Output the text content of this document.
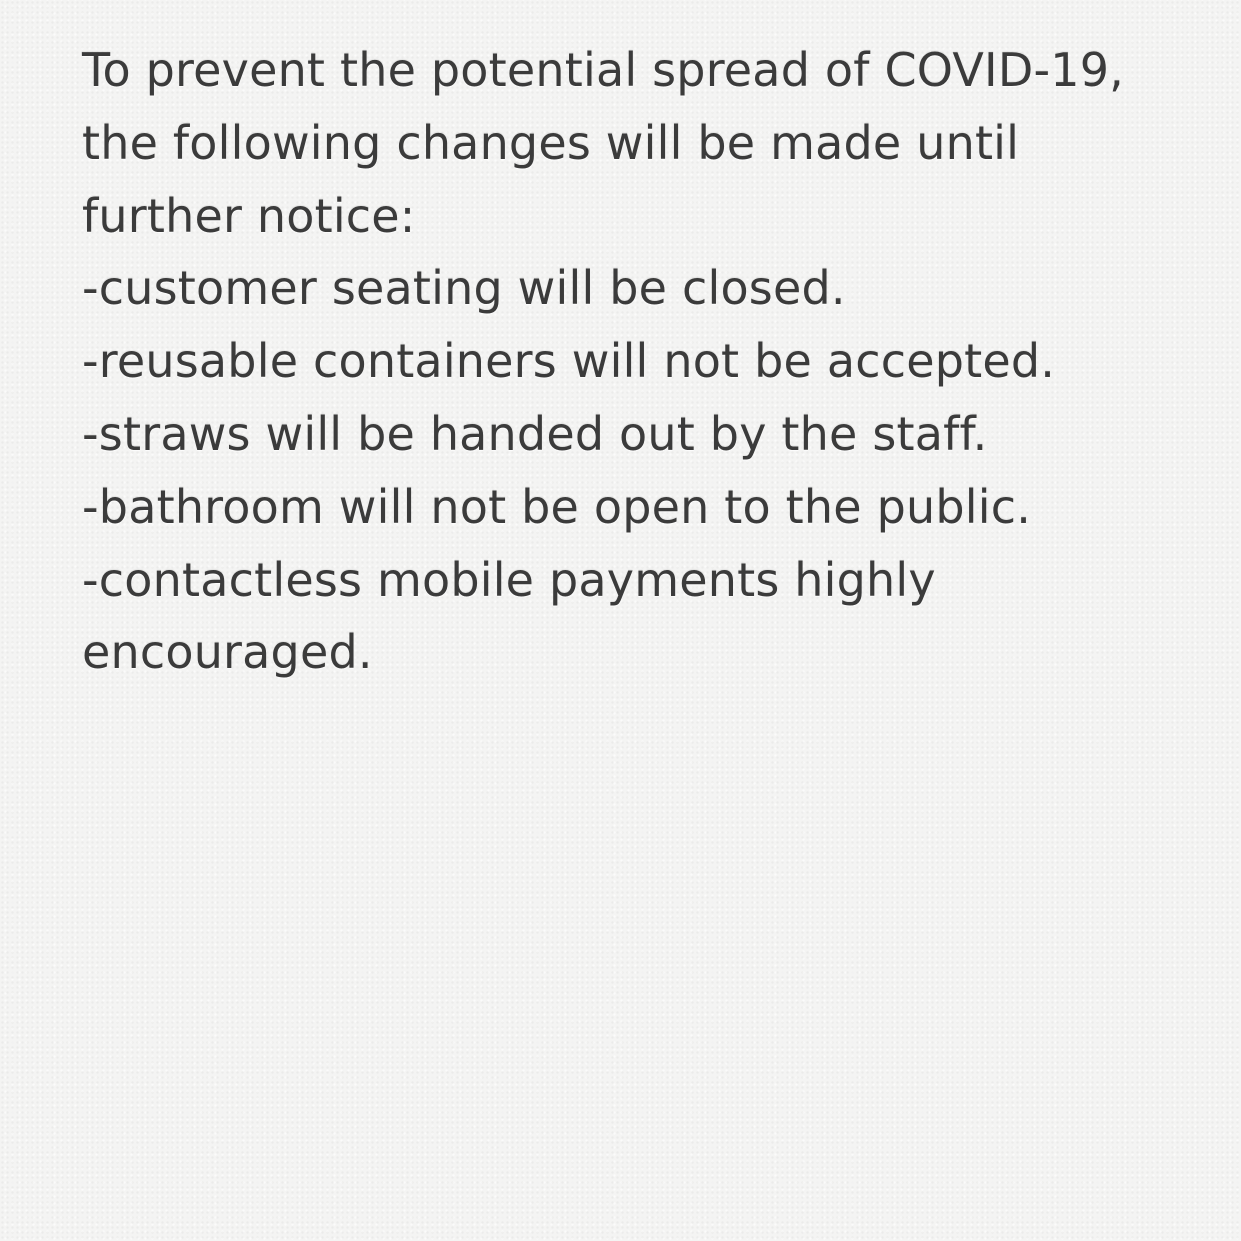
To prevent the potential spread of COVID-19,
the following changes will be made until
further notice:
-customer seating will be closed.
-reusable containers will not be accepted.
-straws will be handed out by the staff.
-bathroom will not be open to the public.
-contactless mobile payments highly
encouraged.
